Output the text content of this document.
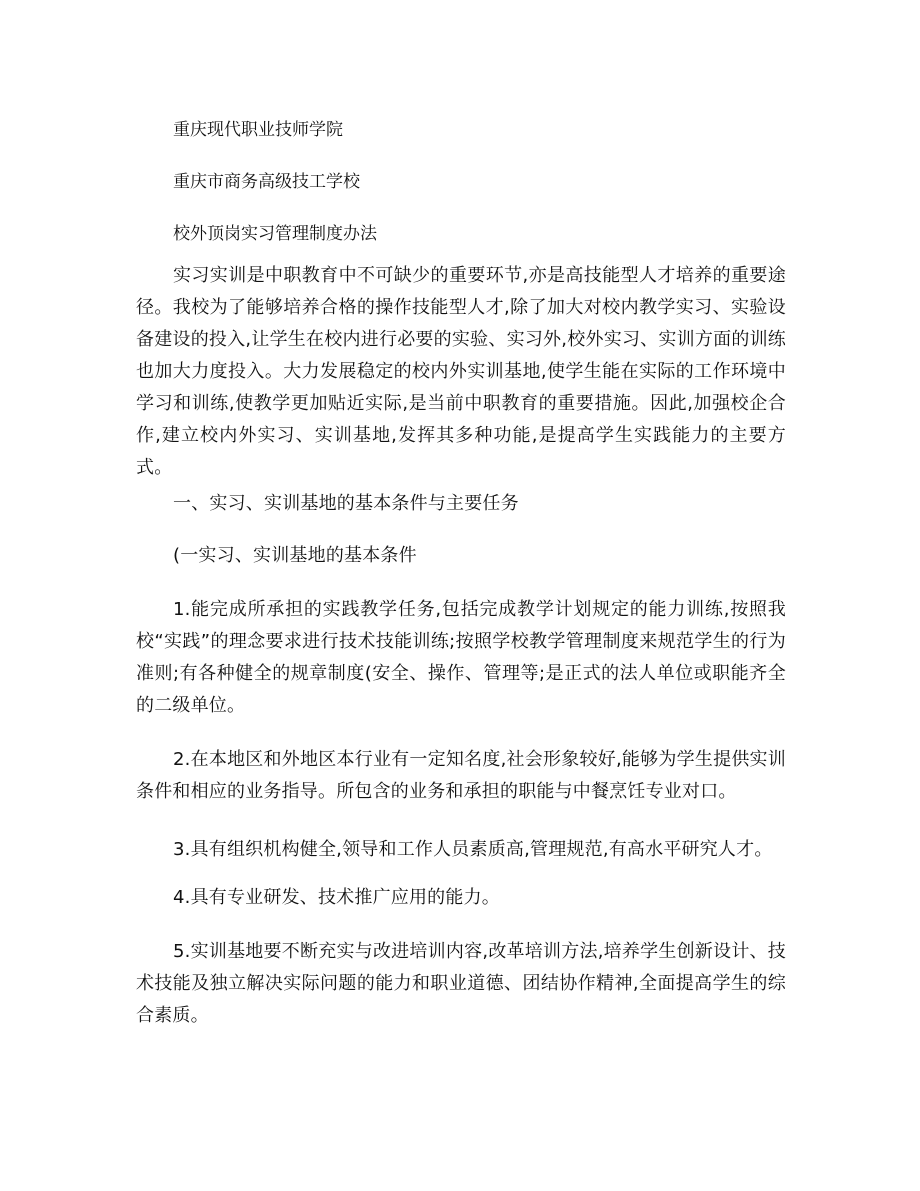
重庆现代职业技师学院
重庆市商务高级技工学校
校外顶岗实习管理制度办法
实习实训是中职教育中不可缺少的重要环节,亦是高技能型人才培养的重要途径。我校为了能够培养合格的操作技能型人才,除了加大对校内教学实习、实验设备建设的投入,让学生在校内进行必要的实验、实习外,校外实习、实训方面的训练也加大力度投入。大力发展稳定的校内外实训基地,使学生能在实际的工作环境中学习和训练,使教学更加贴近实际,是当前中职教育的重要措施。因此,加强校企合作,建立校内外实习、实训基地,发挥其多种功能,是提高学生实践能力的主要方式。
一、实习、实训基地的基本条件与主要任务
(一实习、实训基地的基本条件
1.能完成所承担的实践教学任务,包括完成教学计划规定的能力训练,按照我校“实践”的理念要求进行技术技能训练;按照学校教学管理制度来规范学生的行为准则;有各种健全的规章制度(安全、操作、管理等;是正式的法人单位或职能齐全的二级单位。
2.在本地区和外地区本行业有一定知名度,社会形象较好,能够为学生提供实训条件和相应的业务指导。所包含的业务和承担的职能与中餐烹饪专业对口。
3.具有组织机构健全,领导和工作人员素质高,管理规范,有高水平研究人才。
4.具有专业研发、技术推广应用的能力。
5.实训基地要不断充实与改进培训内容,改革培训方法,培养学生创新设计、技术技能及独立解决实际问题的能力和职业道德、团结协作精神,全面提高学生的综合素质。
